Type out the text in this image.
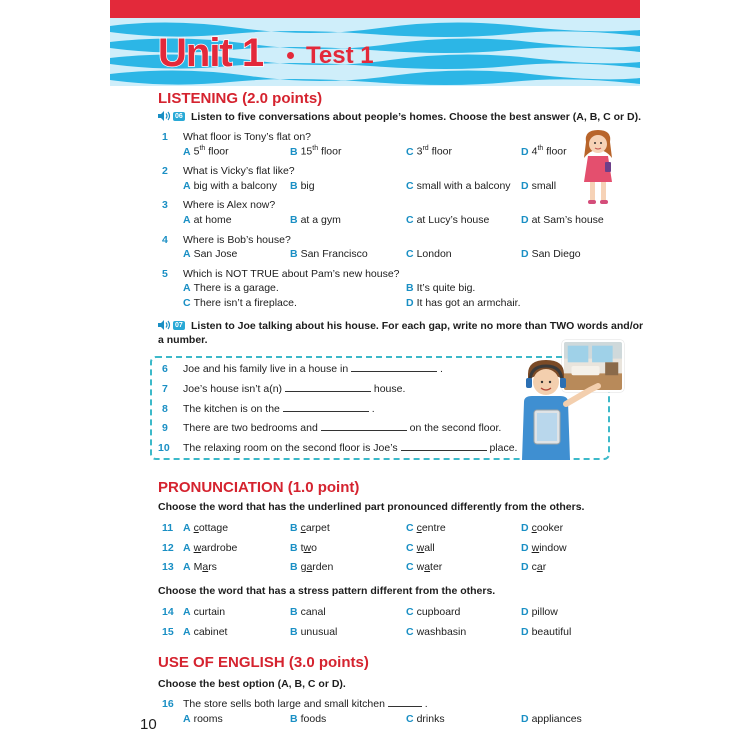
Unit 1 Test 1
LISTENING (2.0 points)
06 Listen to five conversations about people’s homes. Choose the best answer (A, B, C or D).
1 What floor is Tony’s flat on?
A 5th floor	B 15th floor	C 3rd floor	D 4th floor
2 What is Vicky’s flat like?
A big with a balcony B big	C small with a balcony D small
3 Where is Alex now?
A at home	B at a gym	C at Lucy’s house	D at Sam’s house
4 Where is Bob’s house?
A San Jose	B San Francisco	C London	D San Diego
5 Which is NOT TRUE about Pam’s new house?
A There is a garage.	B It’s quite big.
C There isn’t a fireplace.	D It has got an armchair.
07 Listen to Joe talking about his house. For each gap, write no more than TWO words and/or
a number.
6 Joe and his family live in a house in	.
7 Joe’s house isn’t a(n)	house.
8 The kitchen is on the	.
9 There are two bedrooms and	on the second floor.
10 The relaxing room on the second floor is Joe’s	place.
PRONUNCIATION (1.0 point)
Choose the word that has the underlined part pronounced differently from the others.
11 A cottage	B carpet	C centre	D cooker
12 A wardrobe	B two	C wall	D window
13 A Mars	B garden	C water	D car
Choose the word that has a stress pattern different from the others.
14 A curtain	B canal	C cupboard	D pillow
15 A cabinet	B unusual	C washbasin	D beautiful
USE OF ENGLISH (3.0 points)
Choose the best option (A, B, C or D).
16 The store sells both large and small kitchen	.
A rooms	B foods	C drinks	D appliances
10
